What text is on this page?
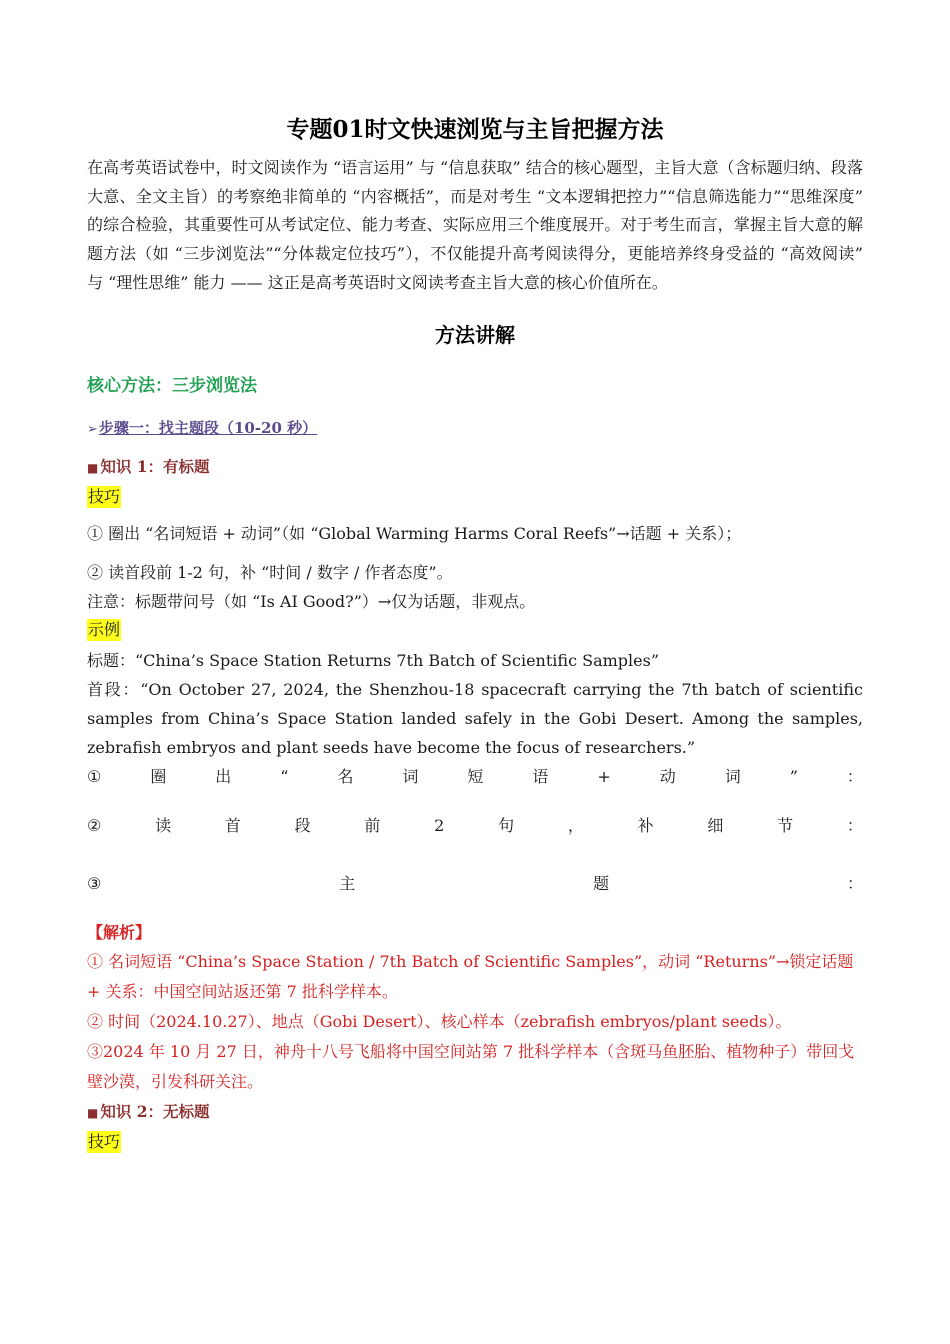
专题01时文快速浏览与主旨把握方法

在高考英语试卷中，时文阅读作为 “语言运用” 与 “信息获取” 结合的核心题型，主旨大意（含标题归纳、段落大意、全文主旨）的考察绝非简单的 “内容概括”，而是对考生 “文本逻辑把控力”“信息筛选能力”“思维深度” 的综合检验，其重要性可从考试定位、能力考查、实际应用三个维度展开。对于考生而言，掌握主旨大意的解题方法（如 “三步浏览法”“分体裁定位技巧”），不仅能提升高考阅读得分，更能培养终身受益的 “高效阅读” 与 “理性思维” 能力 —— 这正是高考英语时文阅读考查主旨大意的核心价值所在。

方法讲解
核心方法：三步浏览法
➢步骤一：找主题段（10-20 秒）
■ 知识 1：有标题
技巧

① 圈出 “名词短语 + 动词”（如 “Global Warming Harms Coral Reefs”→话题 + 关系）；

② 读首段前 1-2 句，补 “时间 / 数字 / 作者态度”。

注意：标题带问号（如 “Is AI Good?”）→仅为话题，非观点。

示例

标题：“China’s Space Station Returns 7th Batch of Scientific Samples”

首段：“On October 27, 2024, the Shenzhou-18 spacecraft carrying the 7th batch of scientific samples from China’s Space Station landed safely in the Gobi Desert. Among the samples, zebrafish embryos and plant seeds have become the focus of researchers.”

①	圈	出	“	名	词	短	语	+	动	词	”	：
②	读	首	段	前	2	句	，	补	细	节	：
③	主	题	：
【解析】

① 名词短语 “China’s Space Station / 7th Batch of Scientific Samples”，动词 “Returns”→锁定话题 + 关系：中国空间站返还第 7 批科学样本。

② 时间（2024.10.27）、地点（Gobi Desert）、核心样本（zebrafish embryos/plant seeds）。

③2024 年 10 月 27 日，神舟十八号飞船将中国空间站第 7 批科学样本（含斑马鱼胚胎、植物种子）带回戈壁沙漠，引发科研关注。

■ 知识 2：无标题
技巧
